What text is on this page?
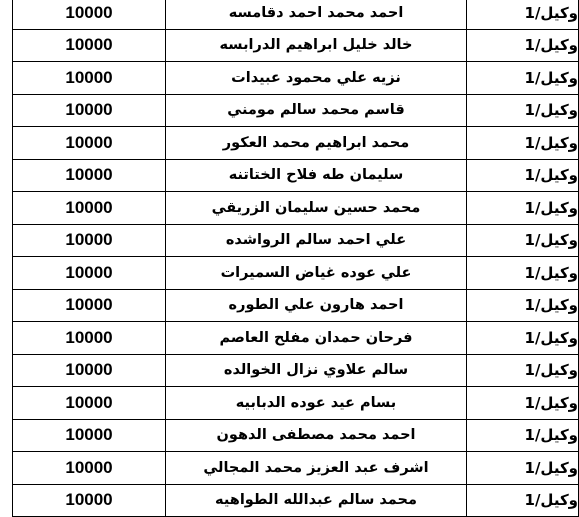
10000	احمد محمد احمد دقامسه	وكيل/1
10000	خالد خليل ابراهيم الدرابسه	وكيل/1
10000	نزيه علي محمود عبيدات	وكيل/1
10000	قاسم محمد سالم مومني	وكيل/1
10000	محمد ابراهيم محمد العكور	وكيل/1
10000	سليمان طه فلاح الختاتنه	وكيل/1
10000	محمد حسين سليمان الزريقي	وكيل/1
10000	علي احمد سالم الرواشده	وكيل/1
10000	علي عوده غياض السميرات	وكيل/1
10000	احمد هارون علي الطوره	وكيل/1
10000	فرحان حمدان مفلح العاصم	وكيل/1
10000	سالم علاوي نزال الخوالده	وكيل/1
10000	بسام عيد عوده الدبابيه	وكيل/1
10000	احمد محمد مصطفى الدهون	وكيل/1
10000	اشرف عبد العزيز محمد المجالي	وكيل/1
10000	محمد سالم عبدالله الطواهيه	وكيل/1
